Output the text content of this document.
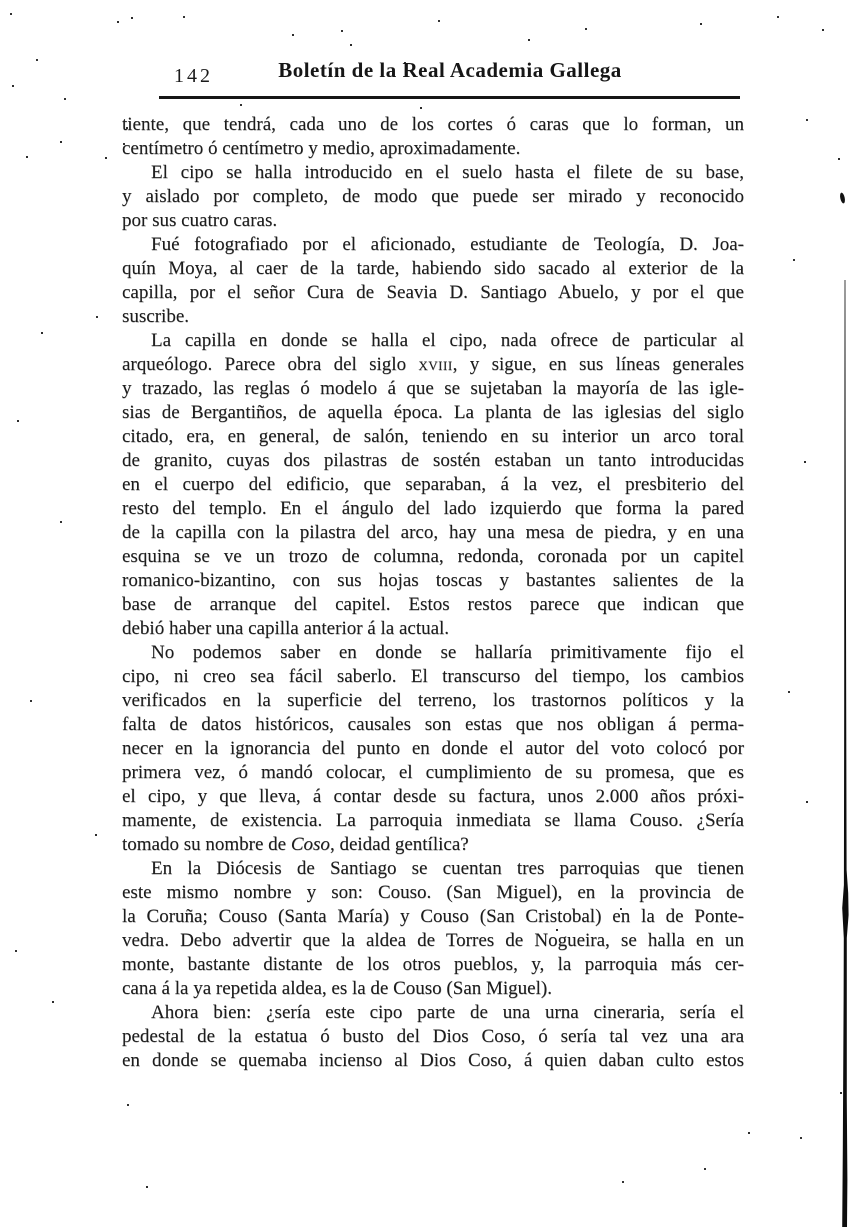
142	Boletín de la Real Academia Gallega
tiente, que tendrá, cada uno de los cortes ó caras que lo forman, un
centímetro ó centímetro y medio, aproximadamente.
El cipo se halla introducido en el suelo hasta el filete de su base,
y aislado por completo, de modo que puede ser mirado y reconocido
por sus cuatro caras.
Fué fotografiado por el aficionado, estudiante de Teología, D. Joa-
quín Moya, al caer de la tarde, habiendo sido sacado al exterior de la
capilla, por el señor Cura de Seavia D. Santiago Abuelo, y por el que
suscribe.
La capilla en donde se halla el cipo, nada ofrece de particular al
arqueólogo. Parece obra del siglo xviii, y sigue, en sus líneas generales
y trazado, las reglas ó modelo á que se sujetaban la mayoría de las igle-
sias de Bergantiños, de aquella época. La planta de las iglesias del siglo
citado, era, en general, de salón, teniendo en su interior un arco toral
de granito, cuyas dos pilastras de sostén estaban un tanto introducidas
en el cuerpo del edificio, que separaban, á la vez, el presbiterio del
resto del templo. En el ángulo del lado izquierdo que forma la pared
de la capilla con la pilastra del arco, hay una mesa de piedra, y en una
esquina se ve un trozo de columna, redonda, coronada por un capitel
romanico-bizantino, con sus hojas toscas y bastantes salientes de la
base de arranque del capitel. Estos restos parece que indican que
debió haber una capilla anterior á la actual.
No podemos saber en donde se hallaría primitivamente fijo el
cipo, ni creo sea fácil saberlo. El transcurso del tiempo, los cambios
verificados en la superficie del terreno, los trastornos políticos y la
falta de datos históricos, causales son estas que nos obligan á perma-
necer en la ignorancia del punto en donde el autor del voto colocó por
primera vez, ó mandó colocar, el cumplimiento de su promesa, que es
el cipo, y que lleva, á contar desde su factura, unos 2.000 años próxi-
mamente, de existencia. La parroquia inmediata se llama Couso. ¿Sería
tomado su nombre de Coso, deidad gentílica?
En la Diócesis de Santiago se cuentan tres parroquias que tienen
este mismo nombre y son: Couso. (San Miguel), en la provincia de
la Coruña; Couso (Santa María) y Couso (San Cristobal) en la de Ponte-
vedra. Debo advertir que la aldea de Torres de Nogueira, se halla en un
monte, bastante distante de los otros pueblos, y, la parroquia más cer-
cana á la ya repetida aldea, es la de Couso (San Miguel).
Ahora bien: ¿sería este cipo parte de una urna cineraria, sería el
pedestal de la estatua ó busto del Dios Coso, ó sería tal vez una ara
en donde se quemaba incienso al Dios Coso, á quien daban culto estos
